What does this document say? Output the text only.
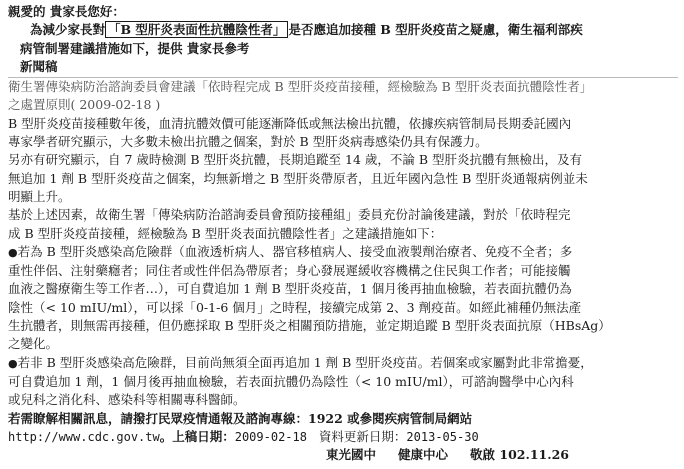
親愛的 貴家長您好：
為減少家長對 「B 型肝炎表面性抗體陰性者」 是否應追加接種 B 型肝炎疫苗之疑慮，衛生福利部疾
病管制署建議措施如下，提供 貴家長參考
新聞稿
衛生署傳染病防治諮詢委員會建議「依時程完成 B 型肝炎疫苗接種，經檢驗為 B 型肝炎表面抗體陰性者」
之處置原則( 2009-02-18 )
B 型肝炎疫苗接種數年後，血清抗體效價可能逐漸降低或無法檢出抗體，依據疾病管制局長期委託國內
專家學者研究顯示，大多數未檢出抗體之個案，對於 B 型肝炎病毒感染仍具有保護力。
另亦有研究顯示，自 7 歲時檢測 B 型肝炎抗體，長期追蹤至 14 歲，不論 B 型肝炎抗體有無檢出，及有
無追加 1 劑 B 型肝炎疫苗之個案，均無新增之 B 型肝炎帶原者，且近年國內急性 B 型肝炎通報病例並未
明顯上升。
基於上述因素，故衛生署「傳染病防治諮詢委員會預防接種組」委員充份討論後建議，對於「依時程完
成 B 型肝炎疫苗接種，經檢驗為 B 型肝炎表面抗體陰性者」之建議措施如下：
●若為 B 型肝炎感染高危險群（血液透析病人、器官移植病人、接受血液製劑治療者、免疫不全者；多
重性伴侶、注射藥癮者；同住者或性伴侶為帶原者；身心發展遲緩收容機構之住民與工作者；可能接觸
血液之醫療衛生等工作者…），可自費追加 1 劑 B 型肝炎疫苗，1 個月後再抽血檢驗，若表面抗體仍為
陰性（< 10 mIU/ml），可以採「0-1-6 個月」之時程，接續完成第 2、3 劑疫苗。如經此補種仍無法產
生抗體者，則無需再接種，但仍應採取 B 型肝炎之相關預防措施，並定期追蹤 B 型肝炎表面抗原（HBsAg）
之變化。
●若非 B 型肝炎感染高危險群，目前尚無須全面再追加 1 劑 B 型肝炎疫苗。若個案或家屬對此非常擔憂，
可自費追加 1 劑，1 個月後再抽血檢驗，若表面抗體仍為陰性（< 10 mIU/ml），可諮詢醫學中心內科
或兒科之消化科、感染科等相關專科醫師。
若需瞭解相關訊息，請撥打民眾疫情通報及諮詢專線：1922 或參閱疾病管制局網站
http://www.cdc.gov.tw。上稿日期：2009-02-18 資料更新日期：2013-05-30
東光國中 健康中心 敬啟 102.11.26
